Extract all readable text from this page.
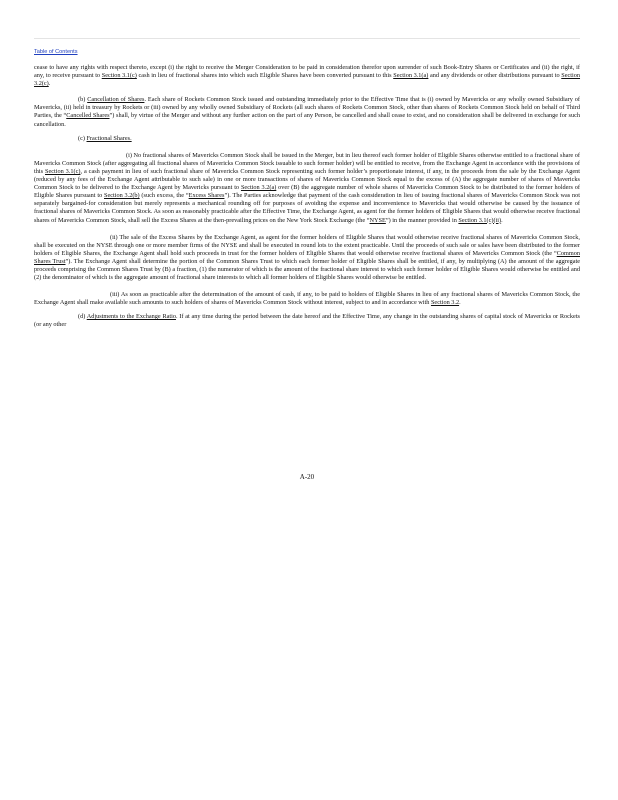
Table of Contents

cease to have any rights with respect thereto, except (i) the right to receive the Merger Consideration to be paid in consideration therefor upon surrender of such Book-Entry Shares or Certificates and (ii) the right, if any, to receive pursuant to Section 3.1(c) cash in lieu of fractional shares into which such Eligible Shares have been converted pursuant to this Section 3.1(a) and any dividends or other distributions pursuant to Section 3.2(c).

(b) Cancellation of Shares. Each share of Rockets Common Stock issued and outstanding immediately prior to the Effective Time that is (i) owned by Mavericks or any wholly owned Subsidiary of Mavericks, (ii) held in treasury by Rockets or (iii) owned by any wholly owned Subsidiary of Rockets (all such shares of Rockets Common Stock, other than shares of Rockets Common Stock held on behalf of Third Parties, the “Cancelled Shares”) shall, by virtue of the Merger and without any further action on the part of any Person, be cancelled and shall cease to exist, and no consideration shall be delivered in exchange for such cancellation.

(c) Fractional Shares.

(i) No fractional shares of Mavericks Common Stock shall be issued in the Merger, but in lieu thereof each former holder of Eligible Shares otherwise entitled to a fractional share of Mavericks Common Stock (after aggregating all fractional shares of Mavericks Common Stock issuable to such former holder) will be entitled to receive, from the Exchange Agent in accordance with the provisions of this Section 3.1(c), a cash payment in lieu of such fractional share of Mavericks Common Stock representing such former holder’s proportionate interest, if any, in the proceeds from the sale by the Exchange Agent (reduced by any fees of the Exchange Agent attributable to such sale) in one or more transactions of shares of Mavericks Common Stock equal to the excess of (A) the aggregate number of shares of Mavericks Common Stock to be delivered to the Exchange Agent by Mavericks pursuant to Section 3.2(a) over (B) the aggregate number of whole shares of Mavericks Common Stock to be distributed to the former holders of Eligible Shares pursuant to Section 3.2(b) (such excess, the “Excess Shares”). The Parties acknowledge that payment of the cash consideration in lieu of issuing fractional shares of Mavericks Common Stock was not separately bargained-for consideration but merely represents a mechanical rounding off for purposes of avoiding the expense and inconvenience to Mavericks that would otherwise be caused by the issuance of fractional shares of Mavericks Common Stock. As soon as reasonably practicable after the Effective Time, the Exchange Agent, as agent for the former holders of Eligible Shares that would otherwise receive fractional shares of Mavericks Common Stock, shall sell the Excess Shares at the then-prevailing prices on the New York Stock Exchange (the “NYSE”) in the manner provided in Section 3.1(c)(ii).

(ii) The sale of the Excess Shares by the Exchange Agent, as agent for the former holders of Eligible Shares that would otherwise receive fractional shares of Mavericks Common Stock, shall be executed on the NYSE through one or more member firms of the NYSE and shall be executed in round lots to the extent practicable. Until the proceeds of such sale or sales have been distributed to the former holders of Eligible Shares, the Exchange Agent shall hold such proceeds in trust for the former holders of Eligible Shares that would otherwise receive fractional shares of Mavericks Common Stock (the “Common Shares Trust”). The Exchange Agent shall determine the portion of the Common Shares Trust to which each former holder of Eligible Shares shall be entitled, if any, by multiplying (A) the amount of the aggregate proceeds comprising the Common Shares Trust by (B) a fraction, (1) the numerator of which is the amount of the fractional share interest to which such former holder of Eligible Shares would otherwise be entitled and (2) the denominator of which is the aggregate amount of fractional share interests to which all former holders of Eligible Shares would otherwise be entitled.

(iii) As soon as practicable after the determination of the amount of cash, if any, to be paid to holders of Eligible Shares in lieu of any fractional shares of Mavericks Common Stock, the Exchange Agent shall make available such amounts to such holders of shares of Mavericks Common Stock without interest, subject to and in accordance with Section 3.2.

(d) Adjustments to the Exchange Ratio. If at any time during the period between the date hereof and the Effective Time, any change in the outstanding shares of capital stock of Mavericks or Rockets (or any other

A-20
